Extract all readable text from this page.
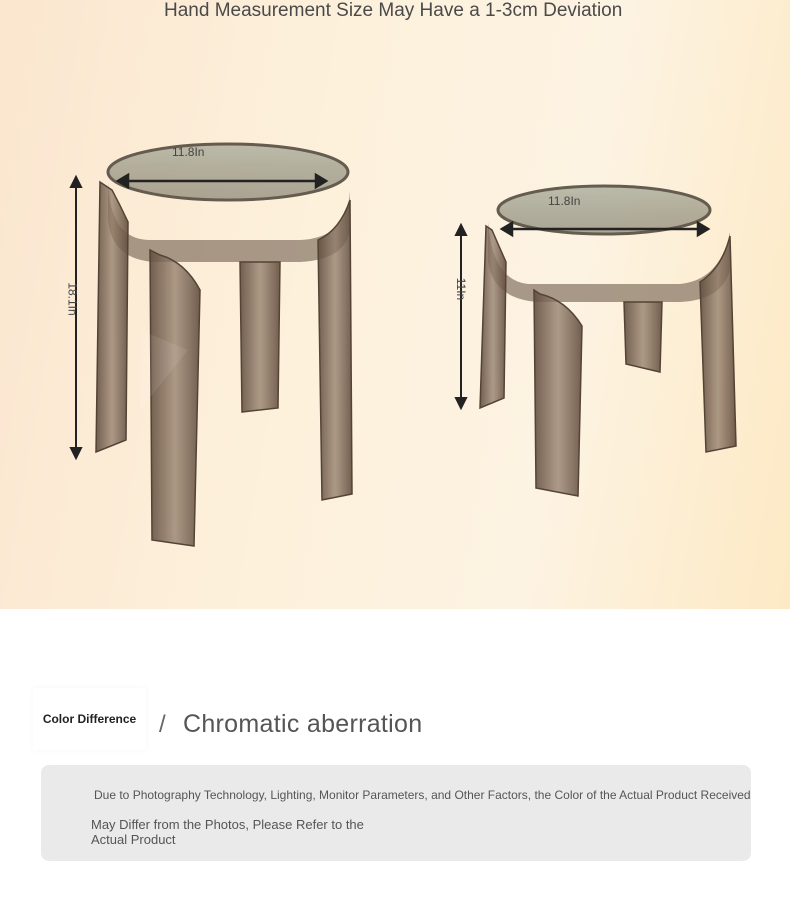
Hand Measurement Size May Have a 1-3cm Deviation
11.8In
18.1In
11.8In
11In
Color Difference / Chromatic aberration
Due to Photography Technology, Lighting, Monitor Parameters, and Other Factors, the Color of the Actual Product Received
May Differ from the Photos, Please Refer to the Actual Product
